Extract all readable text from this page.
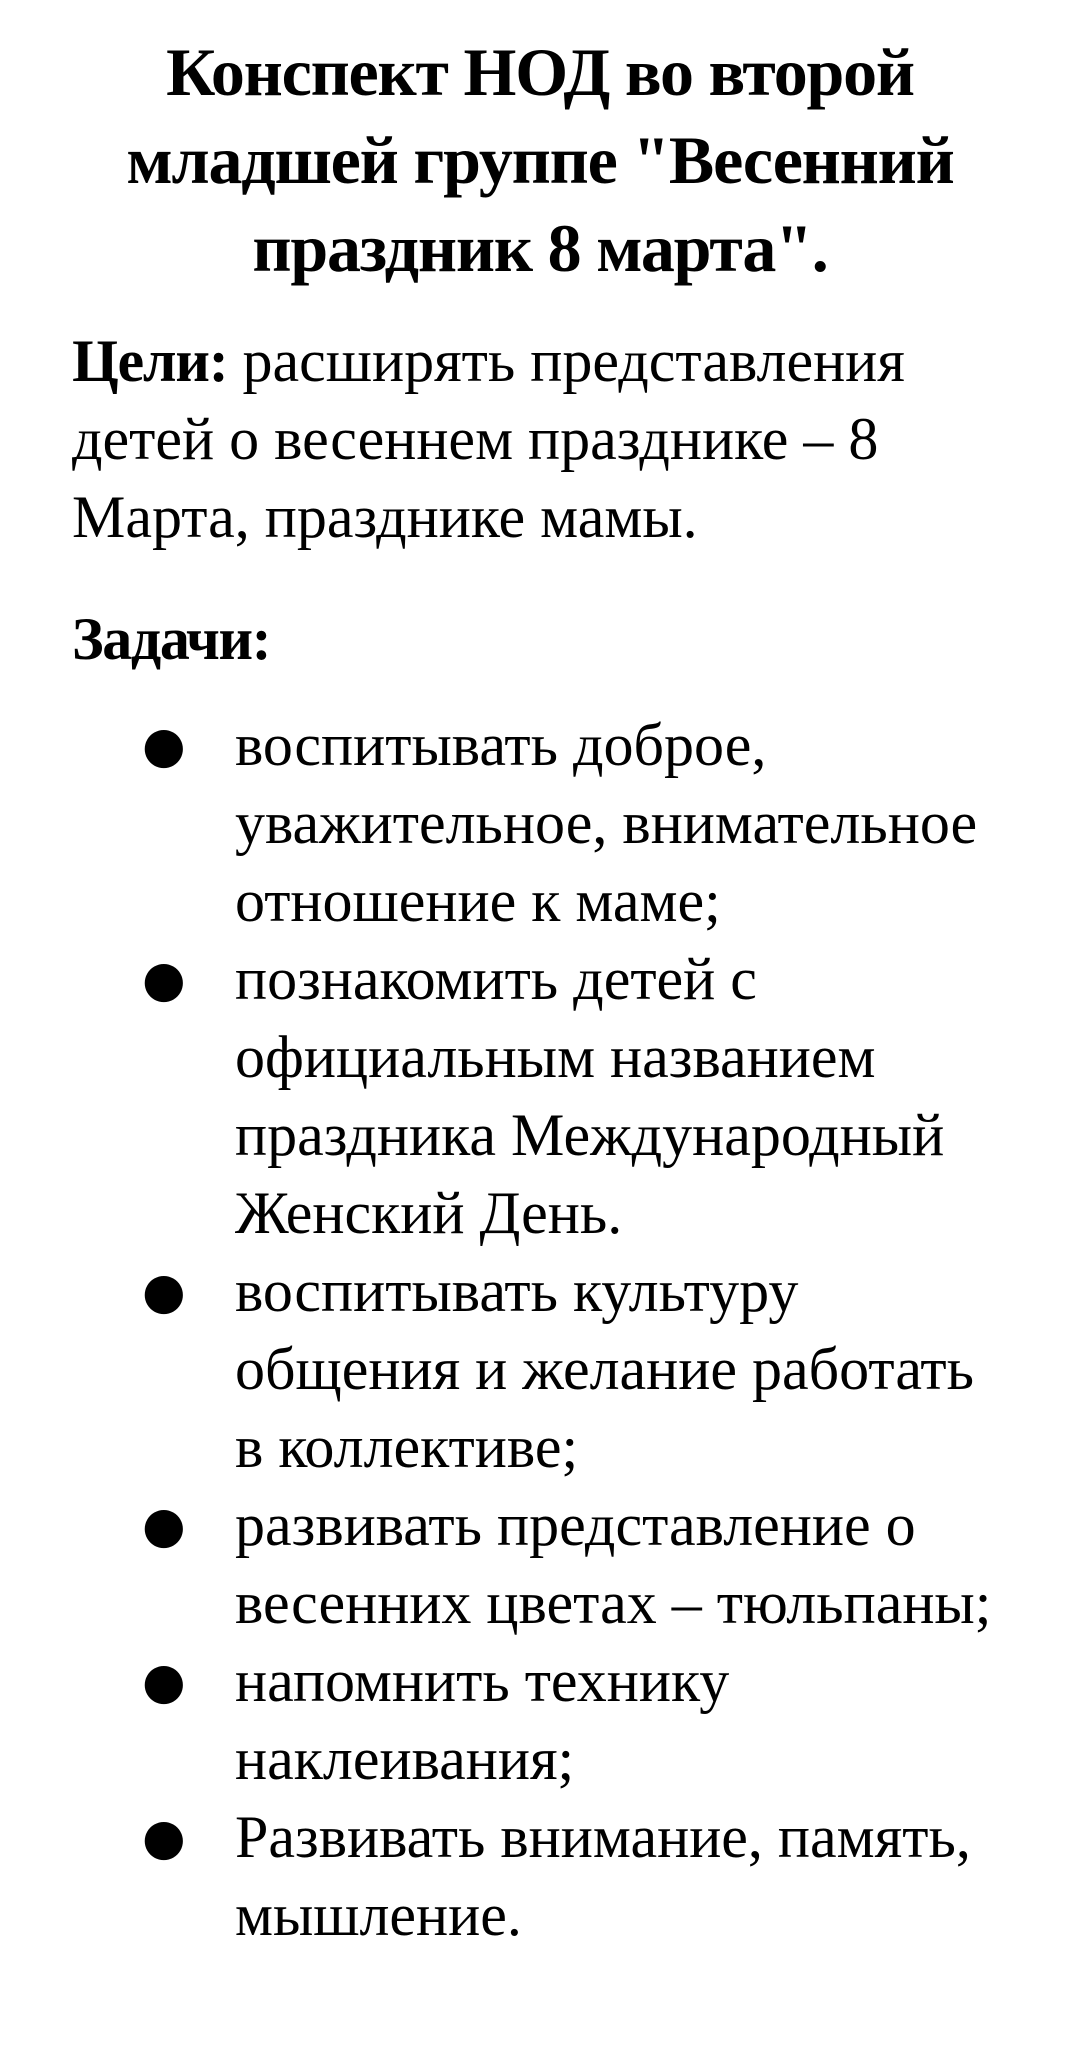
Конспект НОД во второй младшей группе "Весенний праздник 8 марта".

Цели: расширять представления детей о весеннем празднике – 8 Марта, празднике мамы.

Задачи:

● воспитывать доброе, уважительное, внимательное отношение к маме;
● познакомить детей с официальным названием праздника Международный Женский День.
● воспитывать культуру общения и желание работать в коллективе;
● развивать представление о весенних цветах – тюльпаны;
● напомнить технику наклеивания;
● Развивать внимание, память, мышление.
